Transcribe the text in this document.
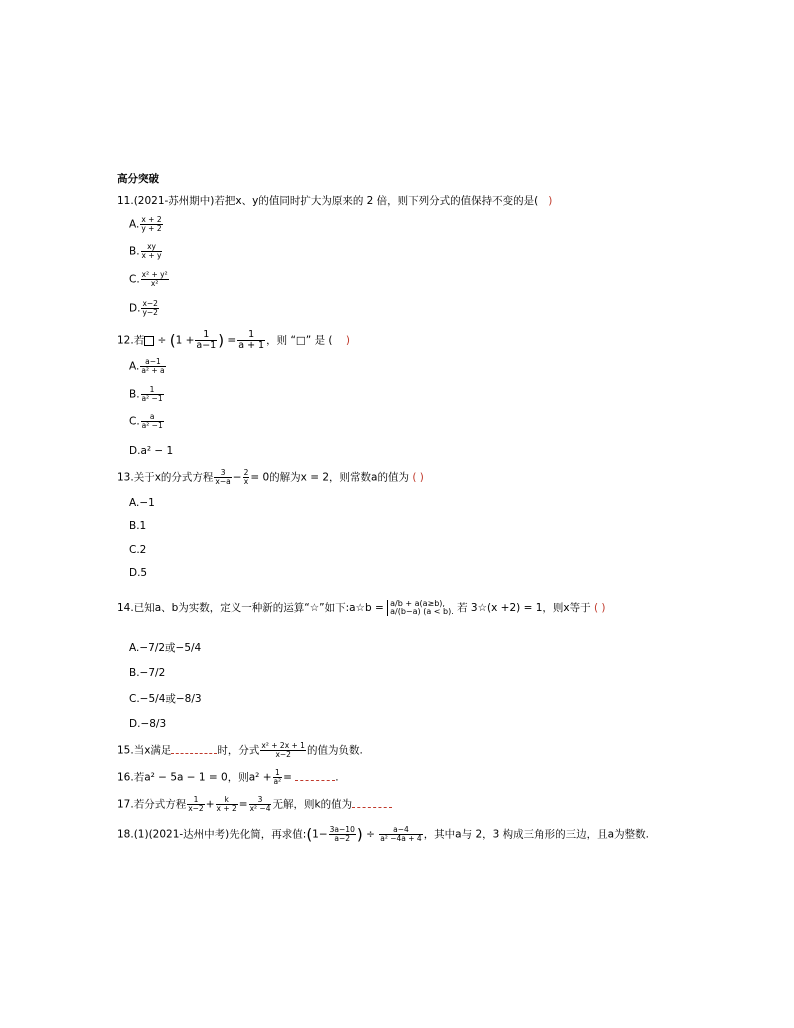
高分突破
11.(2021-苏州期中)若把x、y的值同时扩大为原来的 2 倍，则下列分式的值保持不变的是( )
A. $\frac{x + 2}{y + 2}$
B. $\frac{xy}{x + y}$
C. $\frac{\text{x² + y²}}{\text{x²}}$
D. $\frac{x-2}{y-2}$
12.若 ÷ ($1 + \frac{1}{a-1}$ ) = $\frac{1}{a + 1}$ ，则 “□” 是 ( )
A. $\frac{a-1}{\text{a² + a}}$
B. $\frac{1}{\text{a² −1}}$
C. $\frac{a}{\text{a² −1}}$
D.a² − 1
13.关于x的分式方程 $\frac{3}{x-a} - \frac{2}{x} = 0$的解为x = 2，则常数a的值为 ( )
A.−1
B.1
C.2
D.5
14.已知a、b为实数，定义一种新的运算“☆”如下:a☆b = a/b + a(a≥b),
a/(b−a) (a < b). 若 3☆(x +2) = 1，则x等于 ( )
A.−7/2或−5/4
B.−7/2
C.−5/4或−8/3
D.−8/3
15.当x满足	时，分式 $\frac{\text{x² + 2x + 1}}{x-2}$ 的值为负数.
16.若a² − 5a − 1 = 0，则$a^2 + \frac{1}{\text{a²}}$ =	.
17.若分式方程 $\frac{1}{x-2} + \frac{k}{x + 2} = \frac{3}{\text{x² −4}}$ 无解，则k的值为
18.(1)(2021-达州中考)先化简，再求值:(1− $\frac{3a-10}{a-2}$ ) ÷ $\frac{a-4}{\text{a² −4a + 4}}$ ，其中a与 2，3 构成三角形的三边，且a为整数.
